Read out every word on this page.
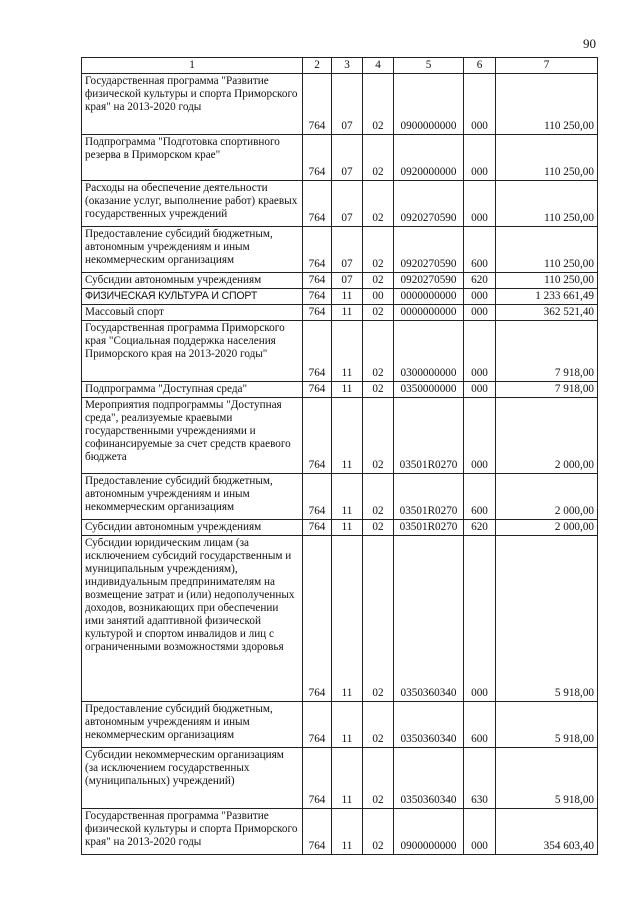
90
1	2	3	4	5	6	7
Государственная программа "Развитие физической культуры и спорта Приморского края" на 2013-2020 годы	764	07	02	0900000000	000	110 250,00
Подпрограмма "Подготовка спортивного резерва в Приморском крае"	764	07	02	0920000000	000	110 250,00
Расходы на обеспечение деятельности (оказание услуг, выполнение работ) краевых государственных учреждений	764	07	02	0920270590	000	110 250,00
Предоставление субсидий бюджетным, автономным учреждениям и иным некоммерческим организациям	764	07	02	0920270590	600	110 250,00
Субсидии автономным учреждениям	764	07	02	0920270590	620	110 250,00
ФИЗИЧЕСКАЯ КУЛЬТУРА И СПОРТ	764	11	00	0000000000	000	1 233 661,49
Массовый спорт	764	11	02	0000000000	000	362 521,40
Государственная программа Приморского края "Социальная поддержка населения Приморского края на 2013-2020 годы"	764	11	02	0300000000	000	7 918,00
Подпрограмма "Доступная среда"	764	11	02	0350000000	000	7 918,00
Мероприятия подпрограммы "Доступная среда", реализуемые краевыми государственными учреждениями и софинансируемые за счет средств краевого бюджета	764	11	02	03501R0270	000	2 000,00
Предоставление субсидий бюджетным, автономным учреждениям и иным некоммерческим организациям	764	11	02	03501R0270	600	2 000,00
Субсидии автономным учреждениям	764	11	02	03501R0270	620	2 000,00
Субсидии юридическим лицам (за исключением субсидий государственным и муниципальным учреждениям), индивидуальным предпринимателям на возмещение затрат и (или) недополученных доходов, возникающих при обеспечении ими занятий адаптивной физической культурой и спортом инвалидов и лиц с ограниченными возможностями здоровья	764	11	02	0350360340	000	5 918,00
Предоставление субсидий бюджетным, автономным учреждениям и иным некоммерческим организациям	764	11	02	0350360340	600	5 918,00
Субсидии некоммерческим организациям (за исключением государственных (муниципальных) учреждений)	764	11	02	0350360340	630	5 918,00
Государственная программа "Развитие физической культуры и спорта Приморского края" на 2013-2020 годы	764	11	02	0900000000	000	354 603,40
